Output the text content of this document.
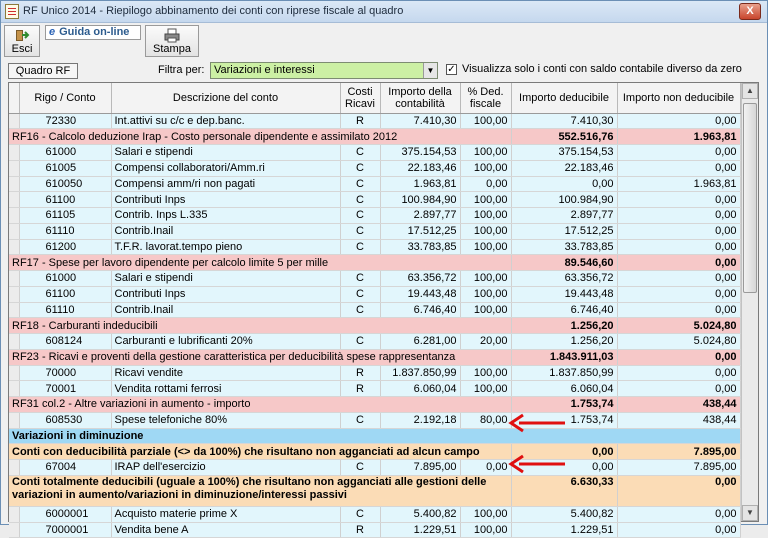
RF Unico 2014 - Riepilogo abbinamento dei conti con riprese fiscale al quadro	X
Esci
e Guida on-line
Stampa
Quadro RF	Filtra per: Variazioni e interessi	▼ ✓ Visualizza solo i conti con saldo contabile diverso da zero
	Rigo / Conto	Descrizione del conto	Costi Ricavi	Importo della contabilità	% Ded. fiscale	Importo deducibile	Importo non deducibile
	72330	Int.attivi su c/c e dep.banc.	R	7.410,30	100,00	7.410,30	0,00
RF16 - Calcolo deduzione Irap - Costo personale dipendente e assimilato 2012						552.516,76	1.963,81
	61000	Salari e stipendi	C	375.154,53	100,00	375.154,53	0,00
	61005	Compensi collaboratori/Amm.ri	C	22.183,46	100,00	22.183,46	0,00
	610050	Compensi amm/ri non pagati	C	1.963,81	0,00	0,00	1.963,81
	61100	Contributi Inps	C	100.984,90	100,00	100.984,90	0,00
	61105	Contrib. Inps L.335	C	2.897,77	100,00	2.897,77	0,00
	61110	Contrib.Inail	C	17.512,25	100,00	17.512,25	0,00
	61200	T.F.R. lavorat.tempo pieno	C	33.783,85	100,00	33.783,85	0,00
RF17 - Spese per lavoro dipendente per calcolo limite 5 per mille						89.546,60	0,00
	61000	Salari e stipendi	C	63.356,72	100,00	63.356,72	0,00
	61100	Contributi Inps	C	19.443,48	100,00	19.443,48	0,00
	61110	Contrib.Inail	C	6.746,40	100,00	6.746,40	0,00
RF18 - Carburanti indeducibili						1.256,20	5.024,80
	608124	Carburanti e lubrificanti 20%	C	6.281,00	20,00	1.256,20	5.024,80
RF23 - Ricavi e proventi della gestione caratteristica per deducibilità spese rappresentanza						1.843.911,03	0,00
	70000	Ricavi vendite	R	1.837.850,99	100,00	1.837.850,99	0,00
	70001	Vendita rottami ferrosi	R	6.060,04	100,00	6.060,04	0,00
RF31 col.2 - Altre variazioni in aumento - importo						1.753,74	438,44
	608530	Spese telefoniche 80%	C	2.192,18	80,00	1.753,74	438,44
Variazioni in diminuzione							
Conti con deducibilità parziale (<> da 100%) che risultano non agganciati ad alcun campo						0,00	7.895,00
	67004	IRAP dell'esercizio	C	7.895,00	0,00	0,00	7.895,00
Conti totalmente deducibili (uguale a 100%) che risultano non agganciati alle gestioni delle variazioni in aumento/variazioni in diminuzione/interessi passivi						6.630,33	0,00
	6000001	Acquisto materie prime X	C	5.400,82	100,00	5.400,82	0,00
	7000001	Vendita bene A	R	1.229,51	100,00	1.229,51	0,00
▲
▼
